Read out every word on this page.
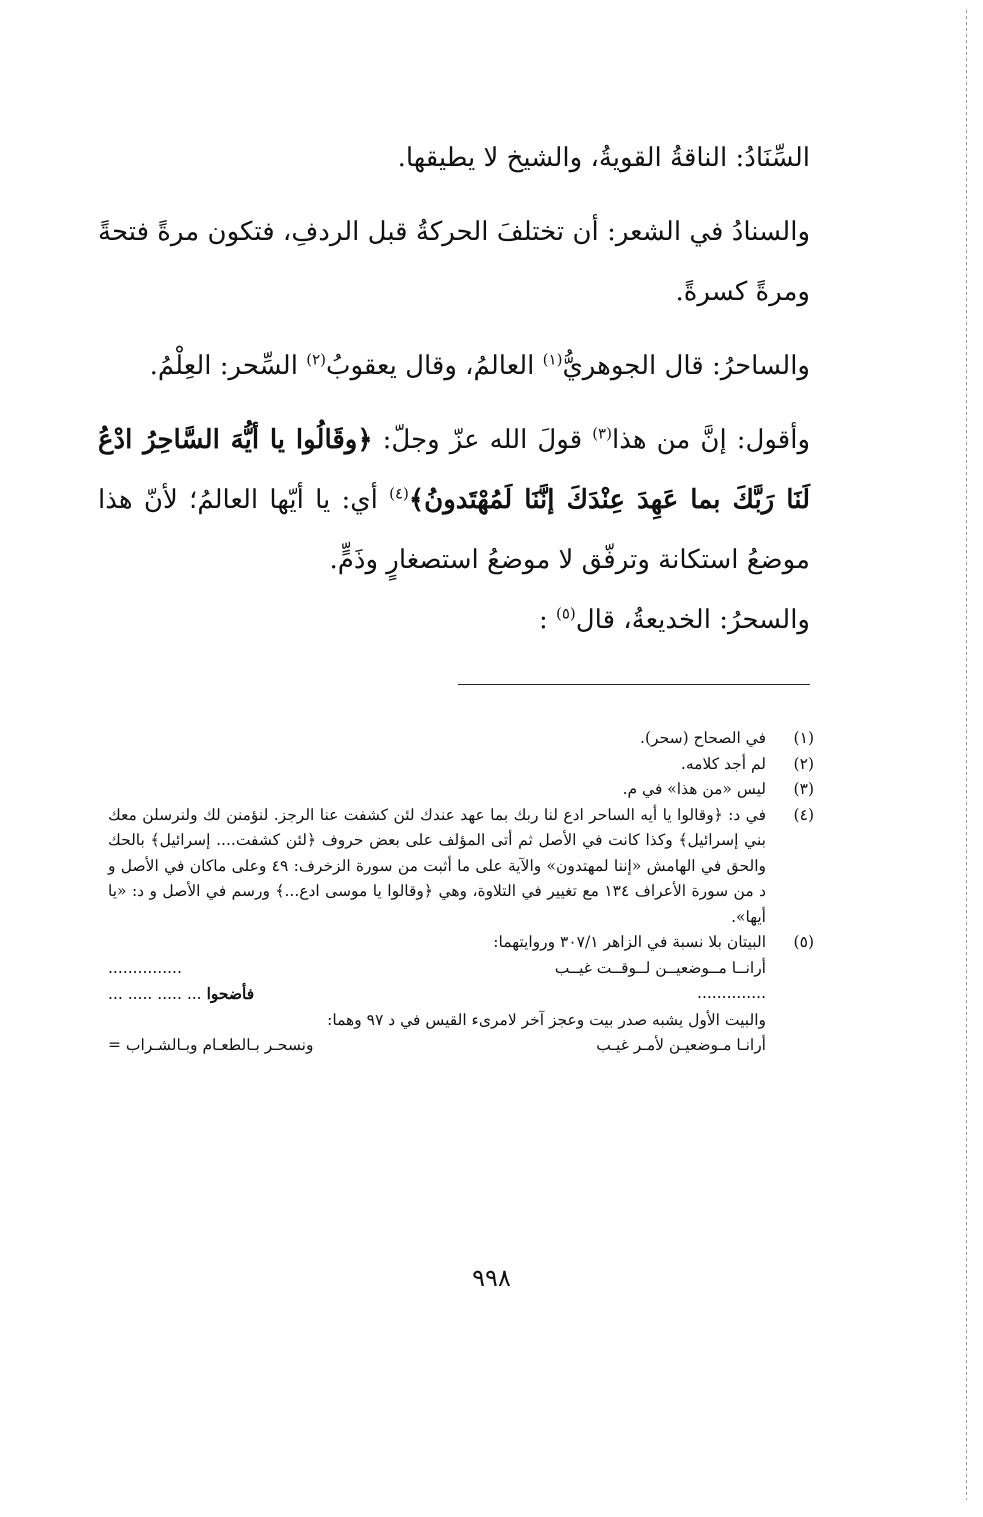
السِّنَادُ: الناقةُ القويةُ، والشيخ لا يطيقها.

والسنادُ في الشعر: أن تختلفَ الحركةُ قبل الردفِ، فتكون مرةً فتحةً ومرةً كسرةً.

والساحرُ: قال الجوهريُّ$^{(١)}$ العالمُ، وقال يعقوبُ$^{(٢)}$ السِّحر: العِلْمُ.

وأقول: إنَّ من هذا$^{(٣)}$ قولَ الله عزّ وجلّ: ﴿وقَالُوا يا أيُّهَ السَّاحِرُ ادْعُ لَنَا رَبَّكَ بما عَهِدَ عِنْدَكَ إنَّنَا لَمُهْتَدونُ﴾$^{(٤)}$ أي: يا أيّها العالمُ؛ لأنّ هذا موضعُ استكانة وترفّق لا موضعُ استصغارٍ وذَمٍّ.

والسحرُ: الخديعةُ، قال$^{(٥)}$ :

(١)
في الصحاح (سحر).
(٢)
لم أجد كلامه.
(٣)
ليس «من هذا» في م.
(٤)
في د: ﴿وقالوا يا أيه الساحر ادع لنا ربك بما عهد عندك لئن كشفت عنا الرجز. لنؤمنن لك ولنرسلن معك بني إسرائيل﴾ وكذا كانت في الأصل ثم أتى المؤلف على بعض حروف ﴿لئن كشفت.... إسرائيل﴾ بالحك والحق في الهامش «إننا لمهتدون» والآية على ما أثبت من سورة الزخرف: ٤٩ وعلى ماكان في الأصل و د من سورة الأعراف ١٣٤ مع تغيير في التلاوة، وهي ﴿وقالوا يا موسى ادع...﴾ ورسم في الأصل و د: «يا أيها».
(٥)

البيتان بلا نسبة في الزاهر ٣٠٧/١ وروايتهما:

أرانــا مــوضعيــن لــوقــت غيــب
...............
..............
فأضحوا ... ..... ..... ...

والبيت الأول يشبه صدر بيت وعجز آخر لامرىء القيس في د ٩٧ وهما:

أرانـا مـوضعيـن لأمـر غيـب
ونسحـر بـالطعـام وبـالشـراب =
٩٩٨
